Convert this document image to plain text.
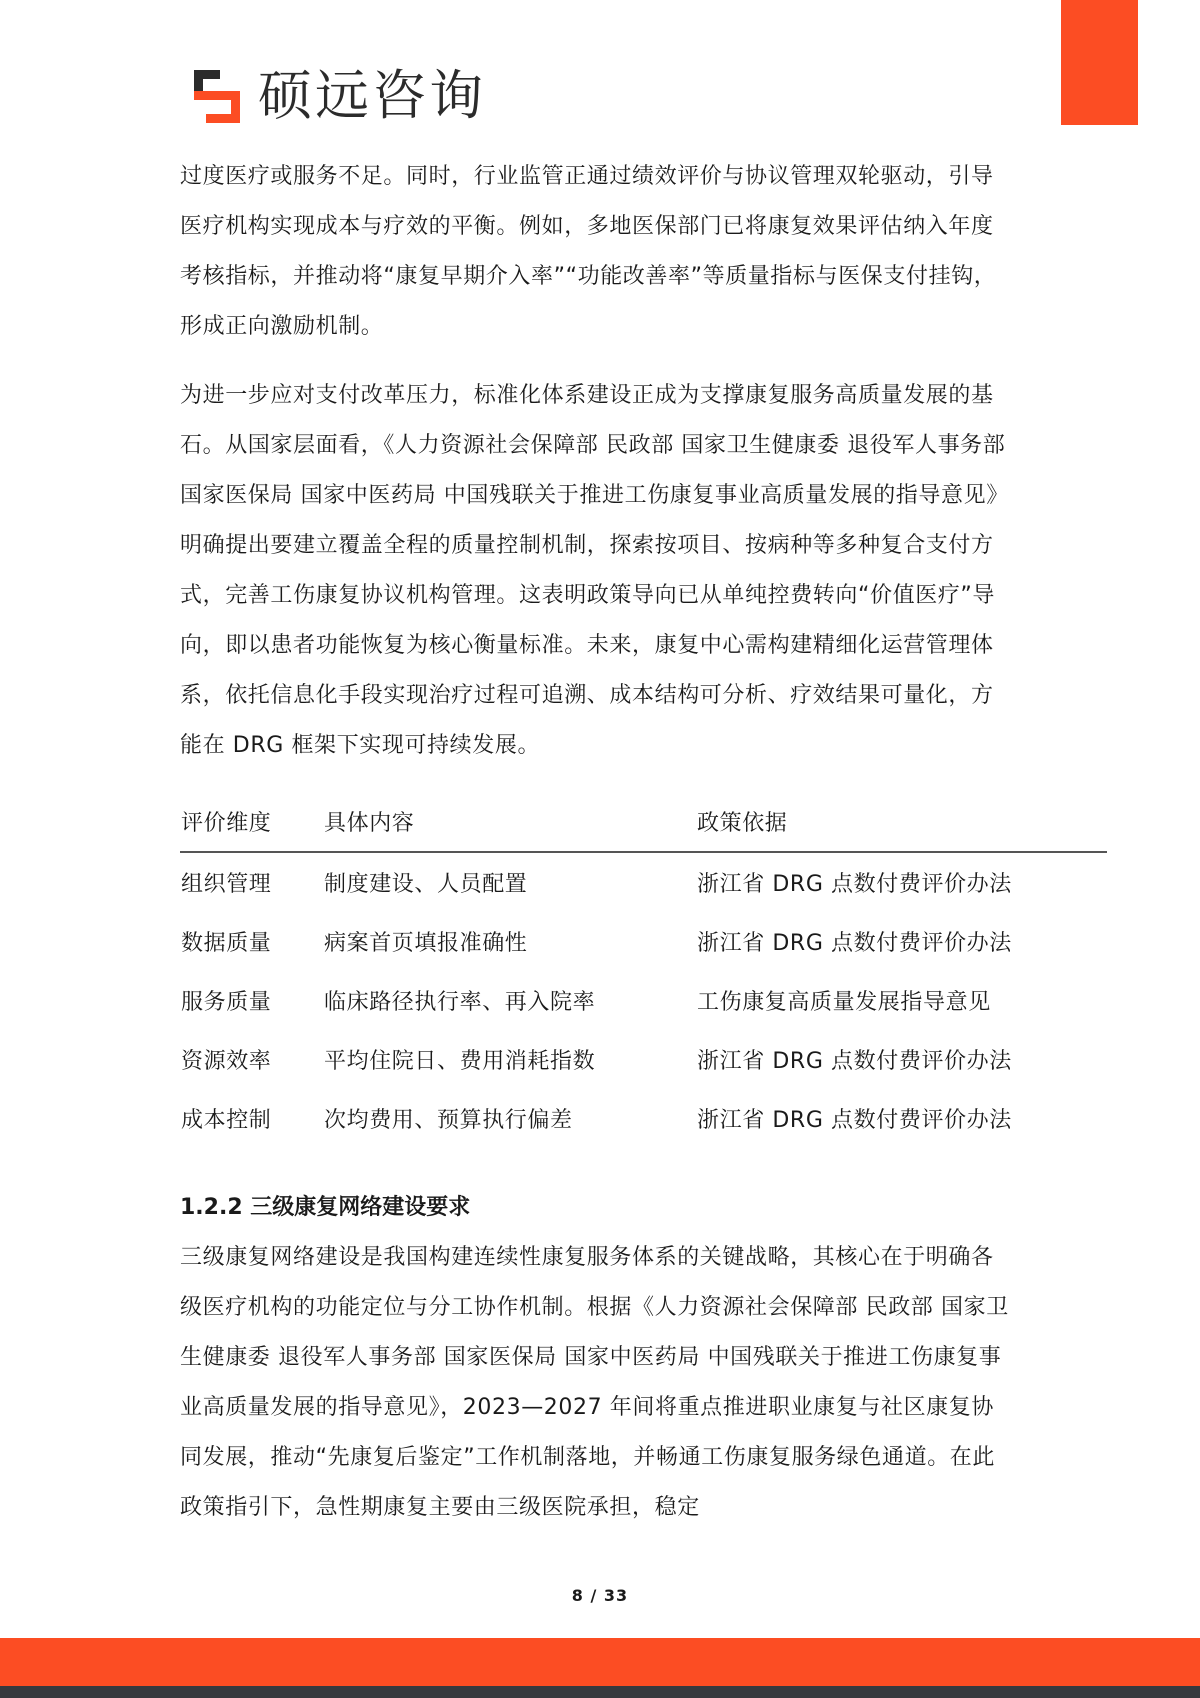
硕远咨询

过度医疗或服务不足。同时，行业监管正通过绩效评价与协议管理双轮驱动，引导医疗机构实现成本与疗效的平衡。例如，多地医保部门已将康复效果评估纳入年度考核指标，并推动将“康复早期介入率”“功能改善率”等质量指标与医保支付挂钩，形成正向激励机制。

为进一步应对支付改革压力，标准化体系建设正成为支撑康复服务高质量发展的基石。从国家层面看，《人力资源社会保障部 民政部 国家卫生健康委 退役军人事务部 国家医保局 国家中医药局 中国残联关于推进工伤康复事业高质量发展的指导意见》明确提出要建立覆盖全程的质量控制机制，探索按项目、按病种等多种复合支付方式，完善工伤康复协议机构管理。这表明政策导向已从单纯控费转向“价值医疗”导向，即以患者功能恢复为核心衡量标准。未来，康复中心需构建精细化运营管理体系，依托信息化手段实现治疗过程可追溯、成本结构可分析、疗效结果可量化，方能在 DRG 框架下实现可持续发展。

评价维度	具体内容	政策依据
组织管理	制度建设、人员配置	浙江省 DRG 点数付费评价办法
数据质量	病案首页填报准确性	浙江省 DRG 点数付费评价办法
服务质量	临床路径执行率、再入院率	工伤康复高质量发展指导意见
资源效率	平均住院日、费用消耗指数	浙江省 DRG 点数付费评价办法
成本控制	次均费用、预算执行偏差	浙江省 DRG 点数付费评价办法
1.2.2 三级康复网络建设要求

三级康复网络建设是我国构建连续性康复服务体系的关键战略，其核心在于明确各级医疗机构的功能定位与分工协作机制。根据《人力资源社会保障部 民政部 国家卫生健康委 退役军人事务部 国家医保局 国家中医药局 中国残联关于推进工伤康复事业高质量发展的指导意见》，2023—2027 年间将重点推进职业康复与社区康复协同发展，推动“先康复后鉴定”工作机制落地，并畅通工伤康复服务绿色通道。在此政策指引下，急性期康复主要由三级医院承担，稳定

8 / 33
